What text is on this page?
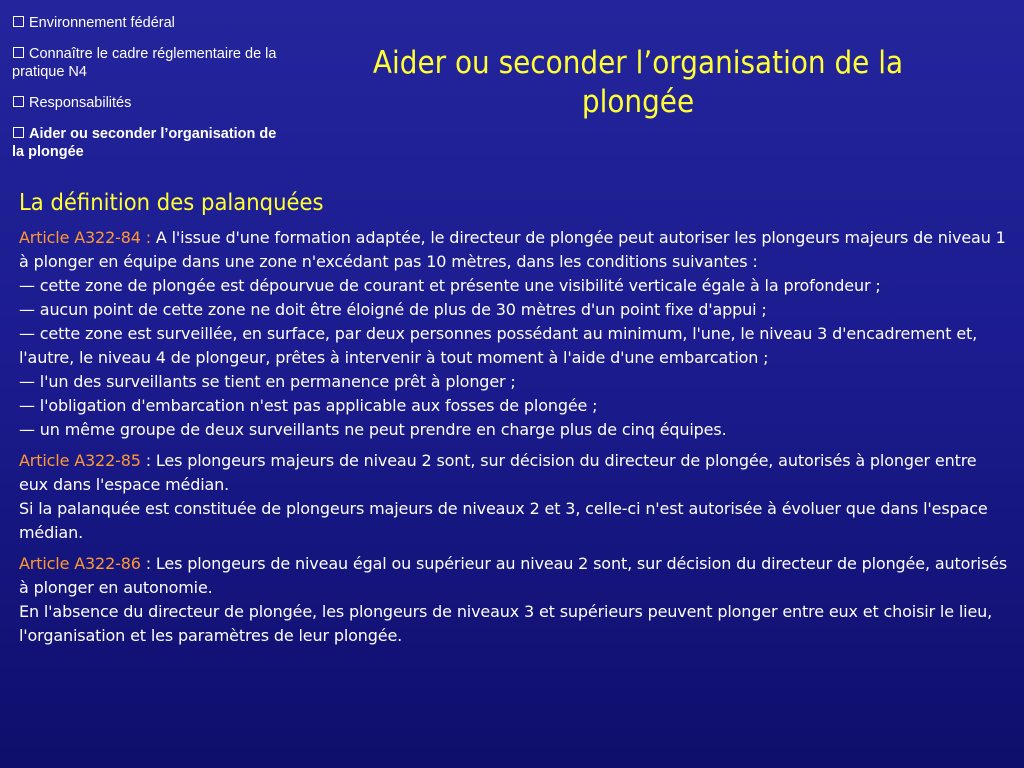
Environnement fédéral
Connaître le cadre réglementaire de la pratique N4
Responsabilités
Aider ou seconder l’organisation de la plongée
Aider ou seconder l’organisation de la plongée
La définition des palanquées
Article A322-84 : A l'issue d'une formation adaptée, le directeur de plongée peut autoriser les plongeurs majeurs de niveau 1 à plonger en équipe dans une zone n'excédant pas 10 mètres, dans les conditions suivantes :
— cette zone de plongée est dépourvue de courant et présente une visibilité verticale égale à la profondeur ;
— aucun point de cette zone ne doit être éloigné de plus de 30 mètres d'un point fixe d'appui ;
— cette zone est surveillée, en surface, par deux personnes possédant au minimum, l'une, le niveau 3 d'encadrement et, l'autre, le niveau 4 de plongeur, prêtes à intervenir à tout moment à l'aide d'une embarcation ;
— l'un des surveillants se tient en permanence prêt à plonger ;
— l'obligation d'embarcation n'est pas applicable aux fosses de plongée ;
— un même groupe de deux surveillants ne peut prendre en charge plus de cinq équipes.
Article A322-85 : Les plongeurs majeurs de niveau 2 sont, sur décision du directeur de plongée, autorisés à plonger entre eux dans l'espace médian.
Si la palanquée est constituée de plongeurs majeurs de niveaux 2 et 3, celle-ci n'est autorisée à évoluer que dans l'espace médian.
Article A322-86 : Les plongeurs de niveau égal ou supérieur au niveau 2 sont, sur décision du directeur de plongée, autorisés à plonger en autonomie.
En l'absence du directeur de plongée, les plongeurs de niveaux 3 et supérieurs peuvent plonger entre eux et choisir le lieu, l'organisation et les paramètres de leur plongée.
